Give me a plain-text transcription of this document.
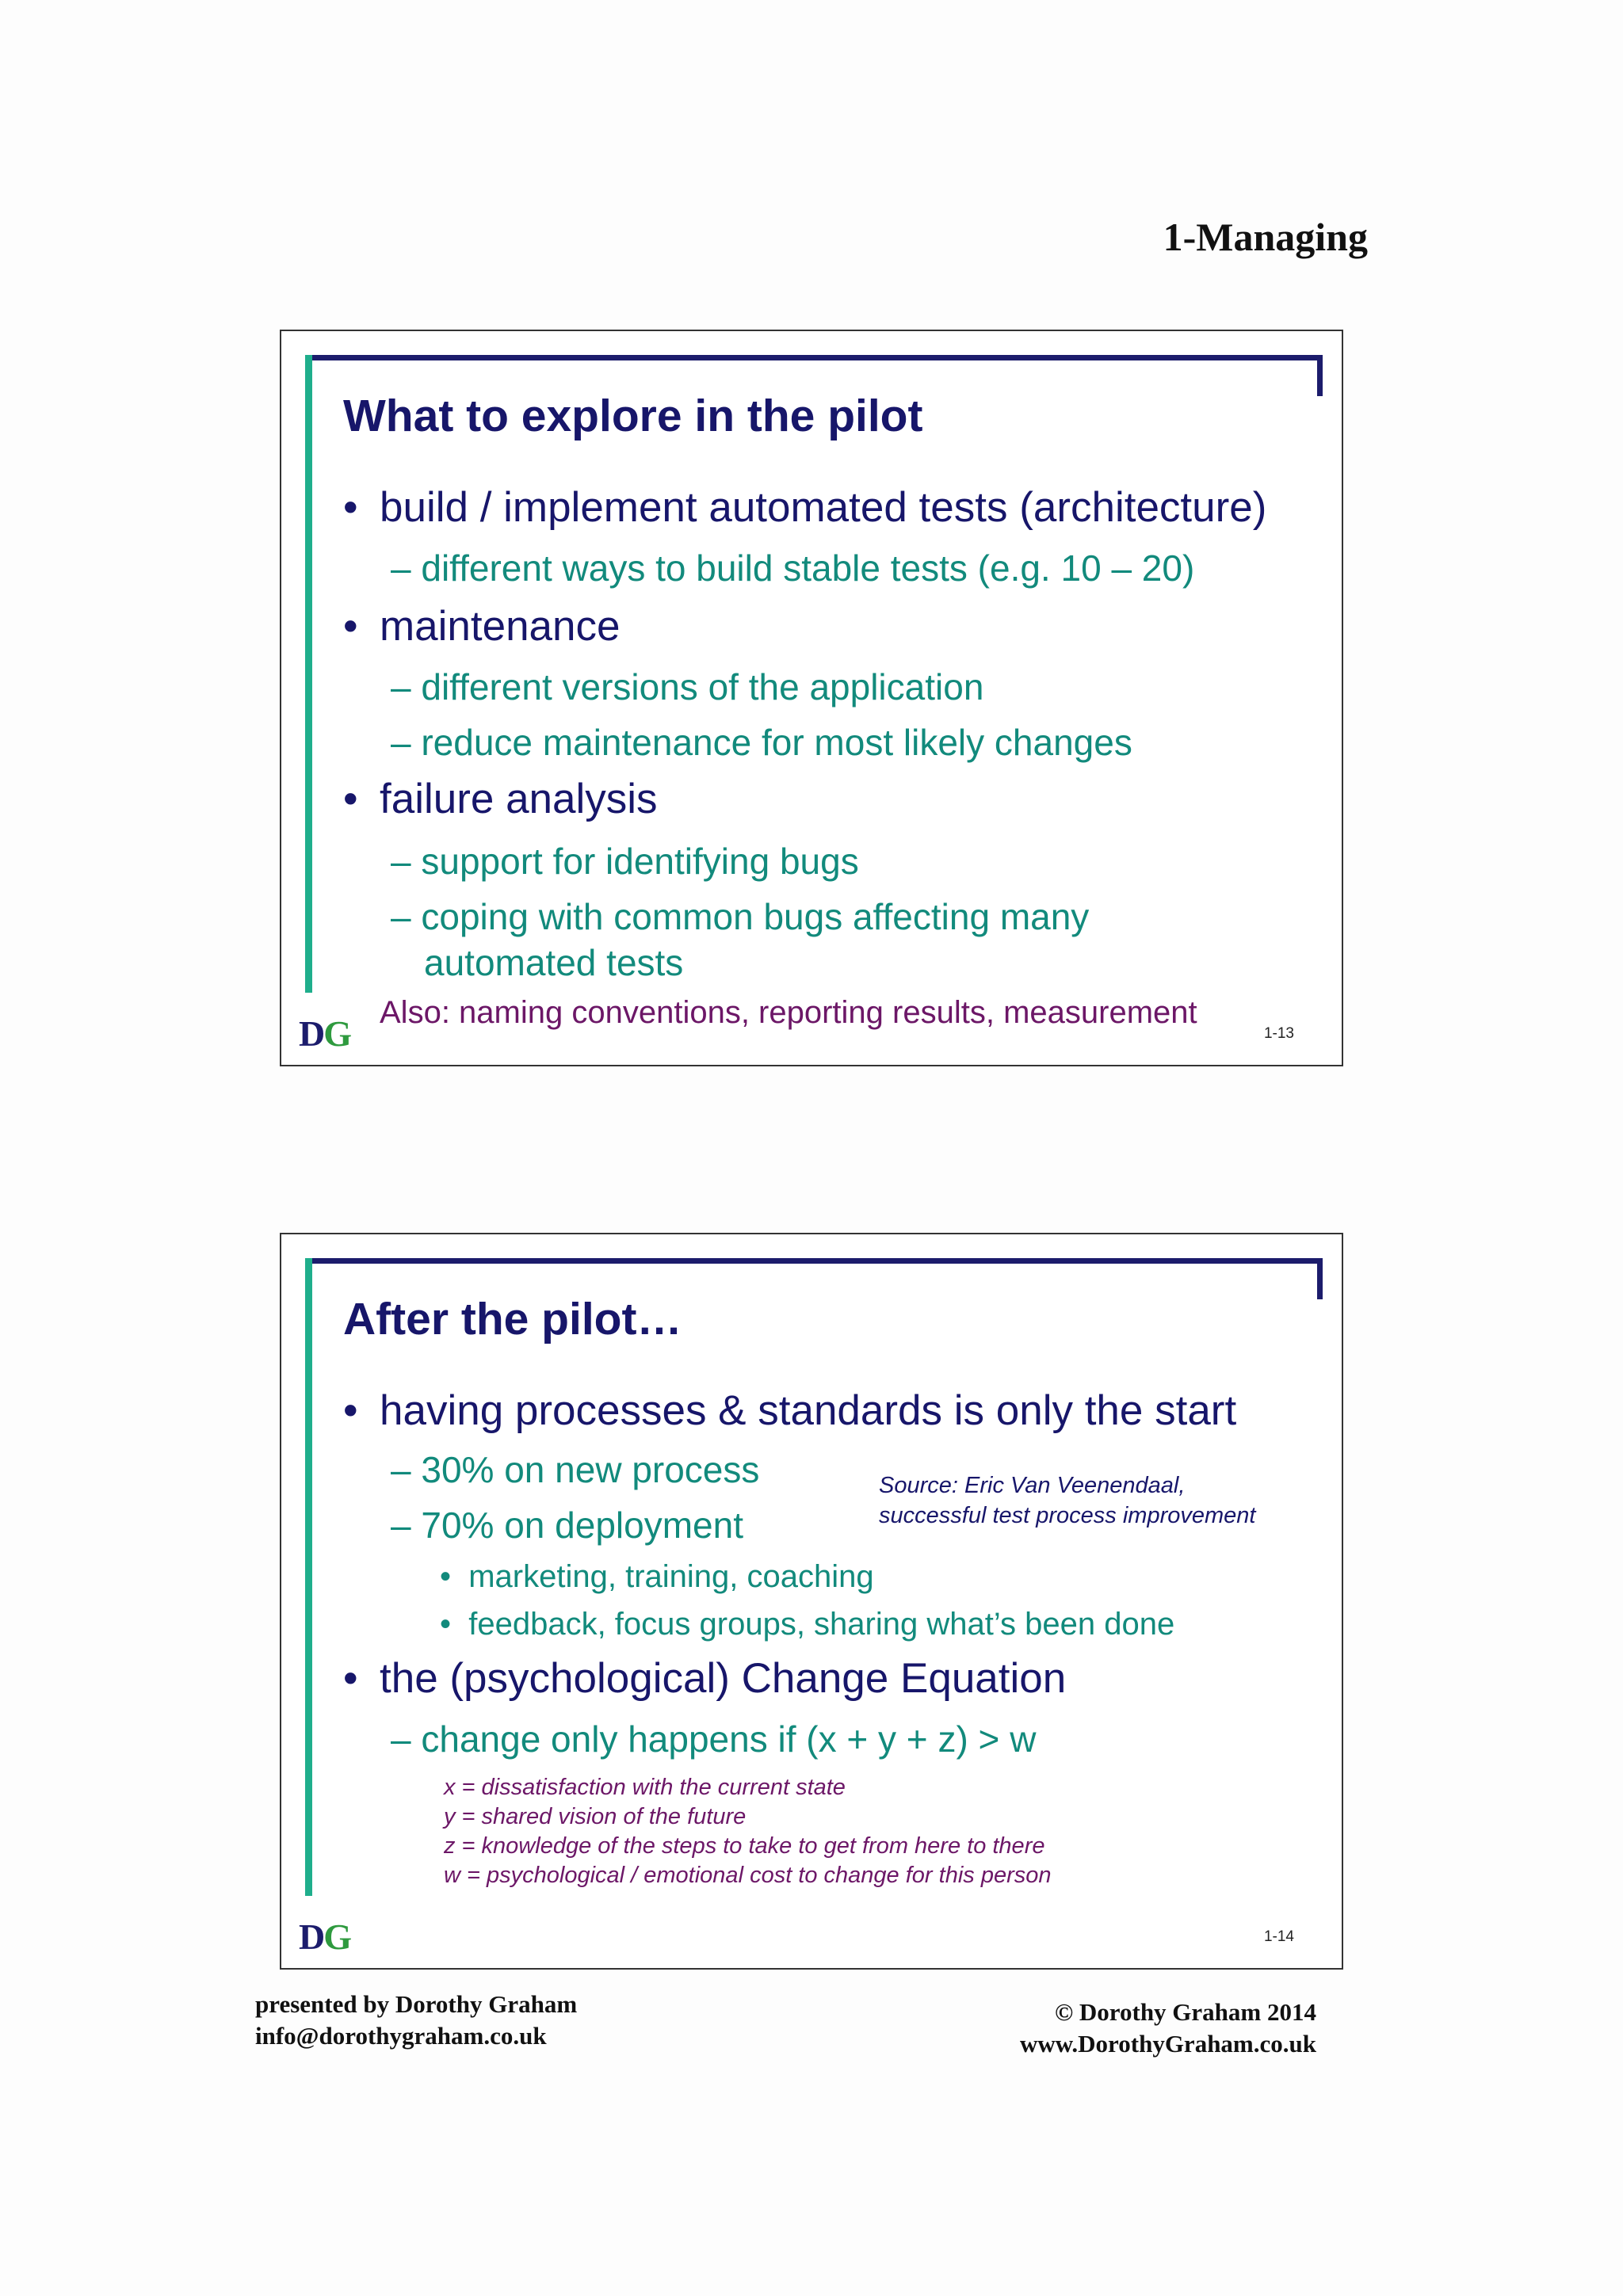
1-Managing
What to explore in the pilot
• build / implement automated tests (architecture)
– different ways to build stable tests (e.g. 10 – 20)
• maintenance
– different versions of the application
– reduce maintenance for most likely changes
• failure analysis
– support for identifying bugs
– coping with common bugs affecting many
automated tests
Also: naming conventions, reporting results, measurement
DG	1-13
After the pilot…
• having processes & standards is only the start
– 30% on new process
– 70% on deployment
Source: Eric Van Veenendaal,
successful test process improvement
•  marketing, training, coaching
•  feedback, focus groups, sharing what’s been done
• the (psychological) Change Equation
– change only happens if (x + y + z) > w
x = dissatisfaction with the current state
y = shared vision of the future
z = knowledge of the steps to take to get from here to there
w = psychological / emotional cost to change for this person
DG	1-14
presented by Dorothy Graham
info@dorothygraham.co.uk
© Dorothy Graham 2014
www.DorothyGraham.co.uk
